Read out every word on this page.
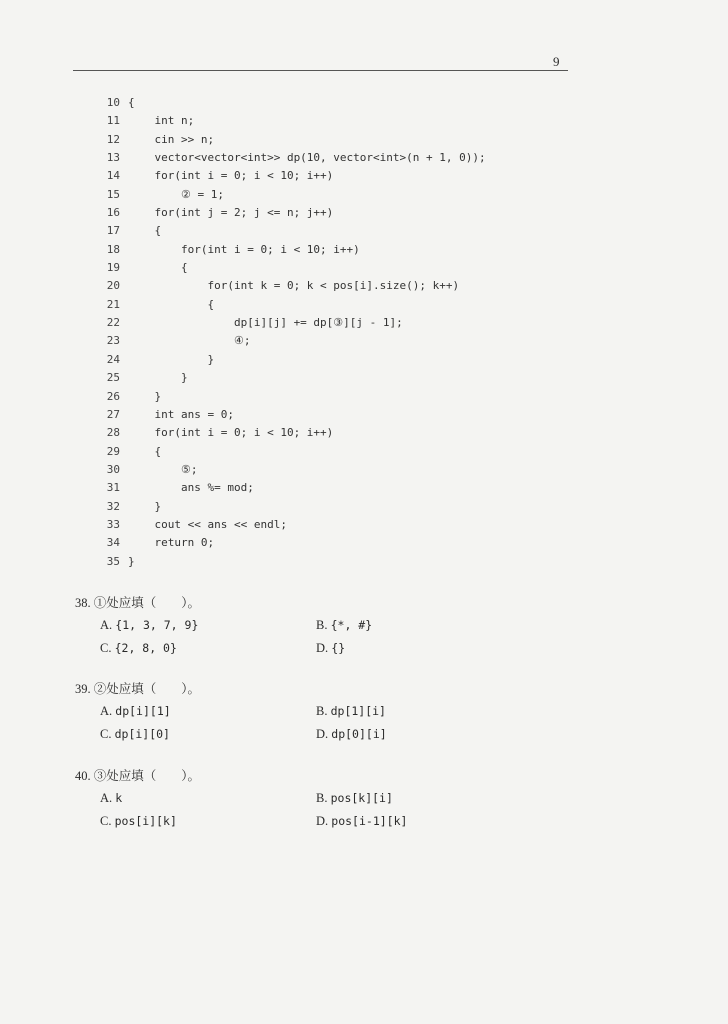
9
10 {
11 int n;
12 cin >> n;
13 vector<vector<int>> dp(10, vector<int>(n + 1, 0));
14 for(int i = 0; i < 10; i++)
15 ② = 1;
16 for(int j = 2; j <= n; j++)
17 {
18 for(int i = 0; i < 10; i++)
19 {
20 for(int k = 0; k < pos[i].size(); k++)
21 {
22 dp[i][j] += dp[③][j - 1];
23 ④;
24 }
25 }
26 }
27 int ans = 0;
28 for(int i = 0; i < 10; i++)
29 {
30 ⑤;
31 ans %= mod;
32 }
33 cout << ans << endl;
34 return 0;
35 }
38. ①处应填（　　）。
A. {1, 3, 7, 9}	B. {*, #}
C. {2, 8, 0}	D. {}
39. ②处应填（　　）。
A. dp[i][1]	B. dp[1][i]
C. dp[i][0]	D. dp[0][i]
40. ③处应填（　　）。
A. k	B. pos[k][i]
C. pos[i][k]	D. pos[i-1][k]
